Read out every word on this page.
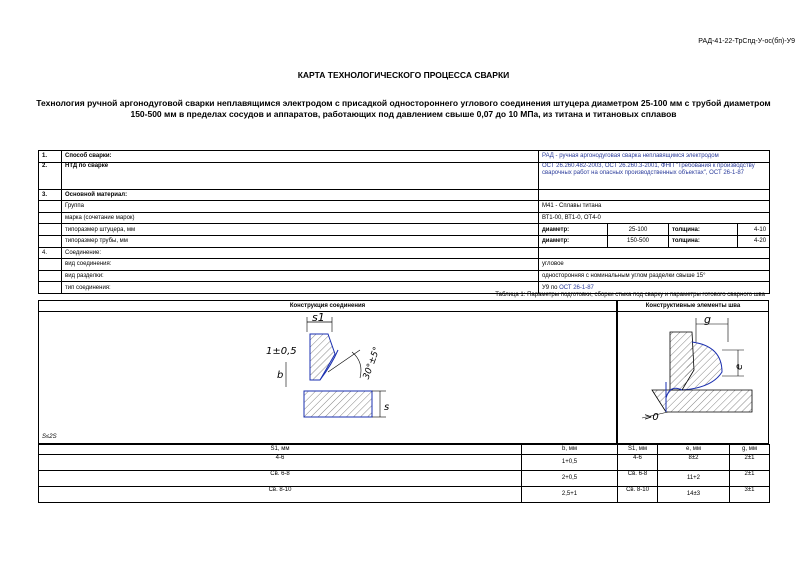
РАД-41-22-ТрСпд-У-ос(бп)-У9
КАРТА ТЕХНОЛОГИЧЕСКОГО ПРОЦЕССА СВАРКИ
Технология ручной аргонодуговой сварки неплавящимся электродом с присадкой одностороннего углового соединения штуцера диаметром 25-100 мм с трубой диаметром 150-500 мм в пределах сосудов и аппаратов, работающих под давлением свыше 0,07 до 10 МПа, из титана и титановых сплавов
1.	Способ сварки:	РАД - ручная аргонодуговая сварка неплавящимся электродом			
2.	НТД по сварке	ОСТ 26.260.482-2003, ОСТ 26.260.3-2001, ФНП "Требования к производству сварочных работ на опасных производственных объектах", ОСТ 26-1-87			
3.	Основной материал:				
	Группа	М41 - Сплавы титана			
	марка (сочетание марок)	ВТ1-00, ВТ1-0, ОТ4-0			
	типоразмер штуцера, мм	диаметр:	25-100	толщина:	4-10
	типоразмер трубы, мм	диаметр:	150-500	толщина:	4-20
4.	Соединение:				
	вид соединения:	угловое			
	вид разделки:	односторонняя с номинальным углом разделки свыше 15°			
	тип соединения:	У9 по ОСТ 26-1-87			
Таблица 1: Параметры подготовки, сборки стыка под сварку и параметры готового сварного шва
Конструкция соединения	Конструктивные элементы шва
s1
30°±5°
1±0,5
b
s
S≤2S
g
e
>0
S1, мм	b, мм	S1, мм	e, мм	g, мм
4-6	1+0,5	4-6	8±2	2±1
Св. 6-8	2+0,5	Св. 6-8	11+2	2±1
Св. 8-10	2,5+1	Св. 8-10	14±3	3±1
